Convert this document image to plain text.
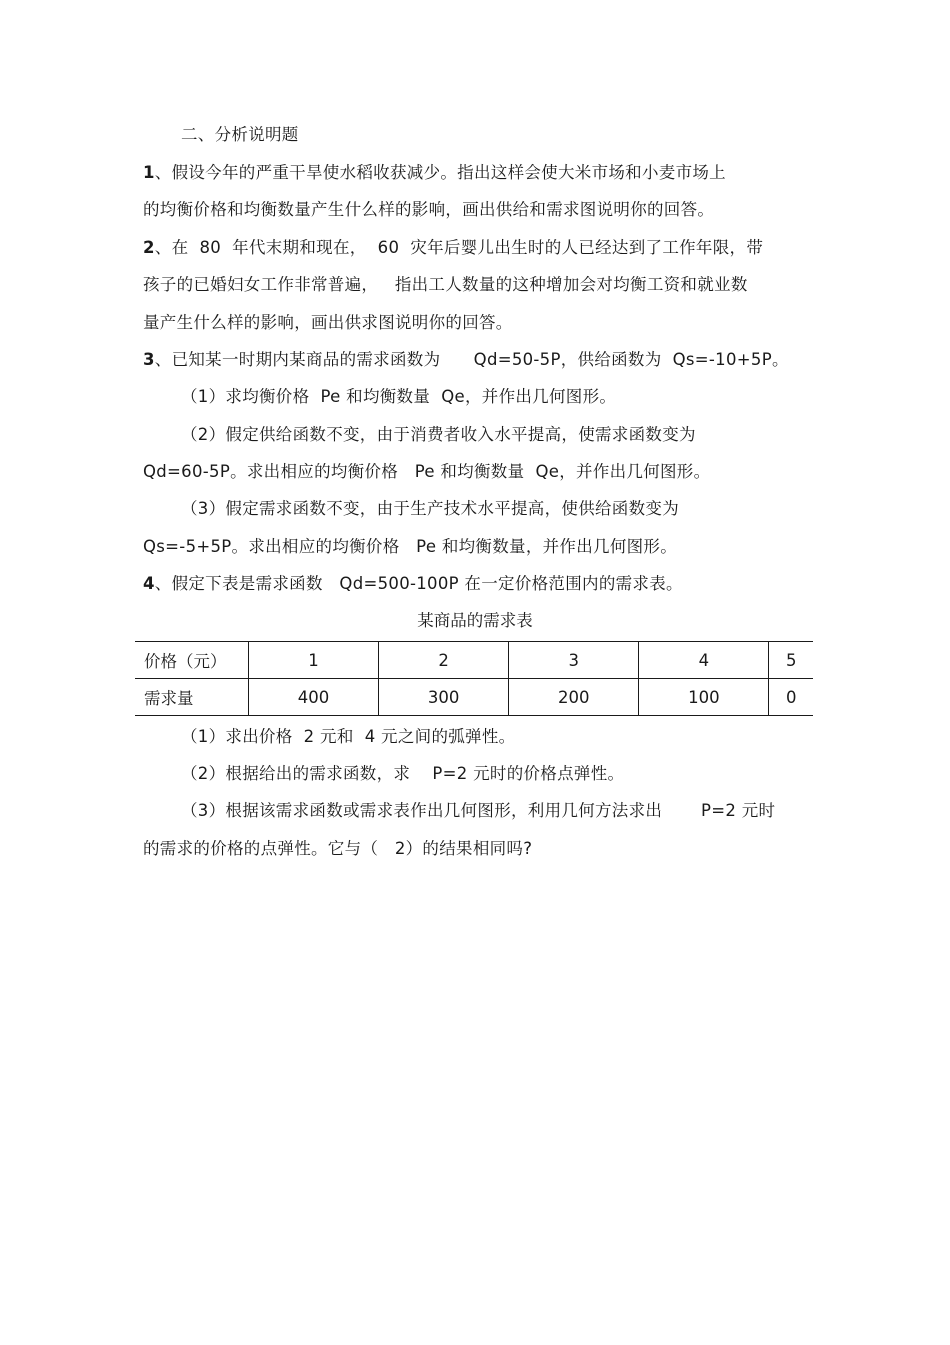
二、分析说明题
1、假设今年的严重干旱使水稻收获减少。指出这样会使大米市场和小麦市场上
的均衡价格和均衡数量产生什么样的影响，画出供给和需求图说明你的回答。
2、在  80  年代末期和现在，  60  灾年后婴儿出生时的人已经达到了工作年限，带
孩子的已婚妇女工作非常普遍，   指出工人数量的这种增加会对均衡工资和就业数
量产生什么样的影响，画出供求图说明你的回答。
3、已知某一时期内某商品的需求函数为      Qd=50-5P，供给函数为  Qs=-10+5P。
（1）求均衡价格  Pe 和均衡数量  Qe，并作出几何图形。
（2）假定供给函数不变，由于消费者收入水平提高，使需求函数变为
Qd=60-5P。求出相应的均衡价格   Pe 和均衡数量  Qe，并作出几何图形。
（3）假定需求函数不变，由于生产技术水平提高，使供给函数变为
Qs=-5+5P。求出相应的均衡价格   Pe 和均衡数量，并作出几何图形。
4、假定下表是需求函数   Qd=500-100P 在一定价格范围内的需求表。
某商品的需求表
价格（元）	1	2	3	4	5
需求量	400	300	200	100	0
（1）求出价格  2 元和  4 元之间的弧弹性。
（2）根据给出的需求函数，求    P=2 元时的价格点弹性。
（3）根据该需求函数或需求表作出几何图形，利用几何方法求出       P=2 元时
的需求的价格的点弹性。它与（   2）的结果相同吗?
